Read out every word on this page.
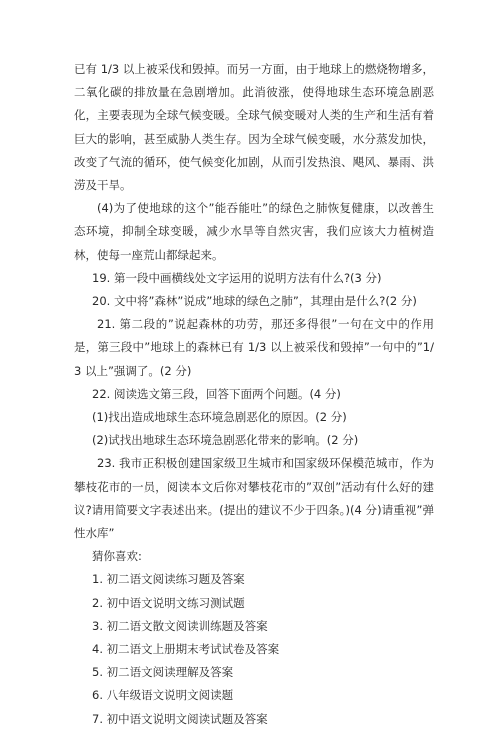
已有 1/3 以上被采伐和毁掉。而另一方面，由于地球上的燃烧物增多，二氧化碳的排放量在急剧增加。此消彼涨，使得地球生态环境急剧恶化，主要表现为全球气候变暖。全球气候变暖对人类的生产和生活有着巨大的影响，甚至威胁人类生存。因为全球气候变暖，水分蒸发加快，改变了气流的循环，使气候变化加剧，从而引发热浪、飓风、暴雨、洪涝及干旱。

(4)为了使地球的这个”能吞能吐”的绿色之肺恢复健康，以改善生态环境，抑制全球变暖，减少水旱等自然灾害，我们应该大力植树造林，使每一座荒山都绿起来。

19. 第一段中画横线处文字运用的说明方法有什么?(3 分)

20. 文中将”森林”说成”地球的绿色之肺”，其理由是什么?(2 分)

21. 第二段的”说起森林的功劳，那还多得很”一句在文中的作用是，第三段中”地球上的森林已有 1/3 以上被采伐和毁掉”一句中的”1/3 以上”强调了。(2 分)

22. 阅读选文第三段，回答下面两个问题。(4 分)

(1)找出造成地球生态环境急剧恶化的原因。(2 分)

(2)试找出地球生态环境急剧恶化带来的影响。(2 分)

23. 我市正积极创建国家级卫生城市和国家级环保模范城市，作为攀枝花市的一员，阅读本文后你对攀枝花市的”双创”活动有什么好的建议?请用简要文字表述出来。(提出的建议不少于四条。)(4 分)请重视”弹性水库”

猜你喜欢:

1. 初二语文阅读练习题及答案

2. 初中语文说明文练习测试题

3. 初二语文散文阅读训练题及答案

4. 初二语文上册期末考试试卷及答案

5. 初二语文阅读理解及答案

6. 八年级语文说明文阅读题

7. 初中语文说明文阅读试题及答案
